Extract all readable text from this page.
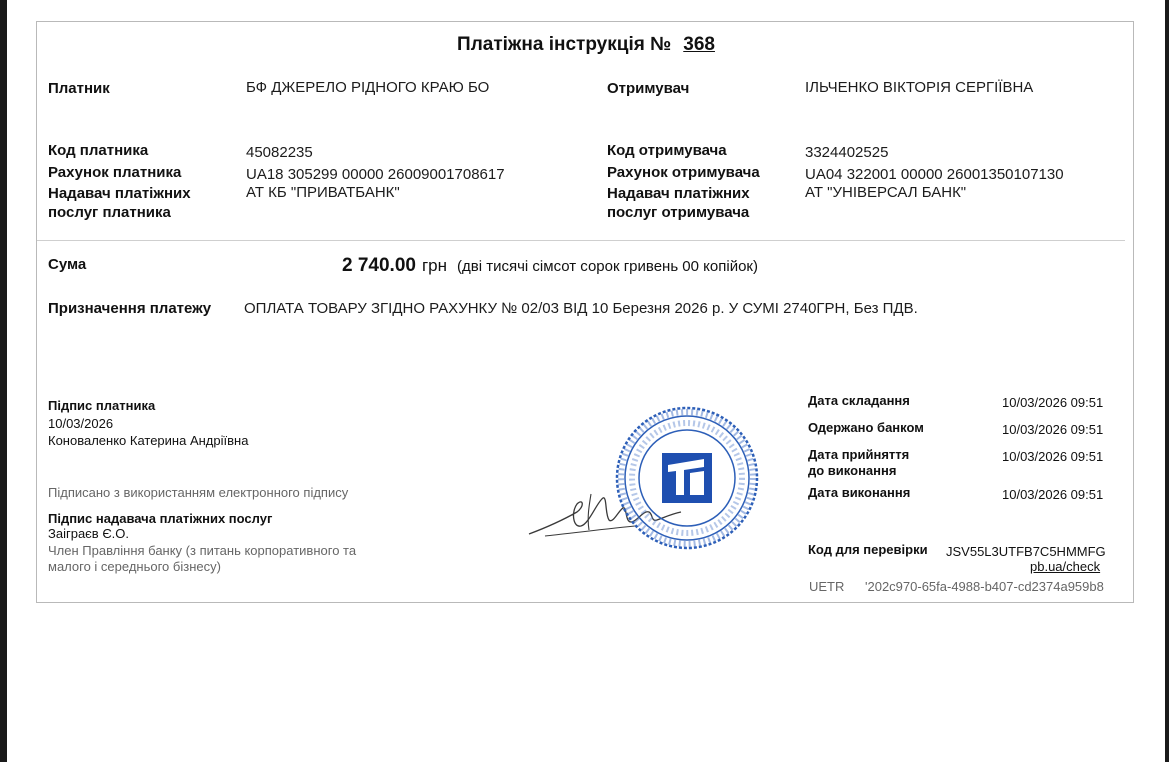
Платіжна інструкція № 368
Платник	БФ ДЖЕРЕЛО РІДНОГО КРАЮ БО	Отримувач	ІЛЬЧЕНКО ВІКТОРІЯ СЕРГІЇВНА
Код платника	45082235
Рахунок платника	UA18 305299 00000 26009001708617
Надавач платіжних
послуг платника
АТ КБ "ПРИВАТБАНК"
Код отримувача	3324402525
Рахунок отримувача	UA04 322001 00000 26001350107130
Надавач платіжних
послуг отримувача
АТ "УНІВЕРСАЛ БАНК"
Сума	2 740.00 грн (дві тисячі сімсот сорок гривень 00 копійок)
Призначення платежу ОПЛАТА ТОВАРУ ЗГІДНО РАХУНКУ № 02/03 ВІД 10 Березня 2026 р. У СУМІ 2740ГРН, Без ПДВ.
Підпис платника
10/03/2026
Коноваленко Катерина Андріївна
Підписано з використанням електронного підпису
Підпис надавача платіжних послуг
Заіграєв Є.О.
Член Правління банку (з питань корпоративного та
малого і середнього бізнесу)
Дата складання	10/03/2026 09:51
Одержано банком	10/03/2026 09:51
Дата прийняття
до виконання
10/03/2026 09:51
Дата виконання	10/03/2026 09:51
Код для перевірки JSV55L3UTFB7C5HMMFG
pb.ua/check
UETR '202c970-65fa-4988-b407-cd2374a959b8
